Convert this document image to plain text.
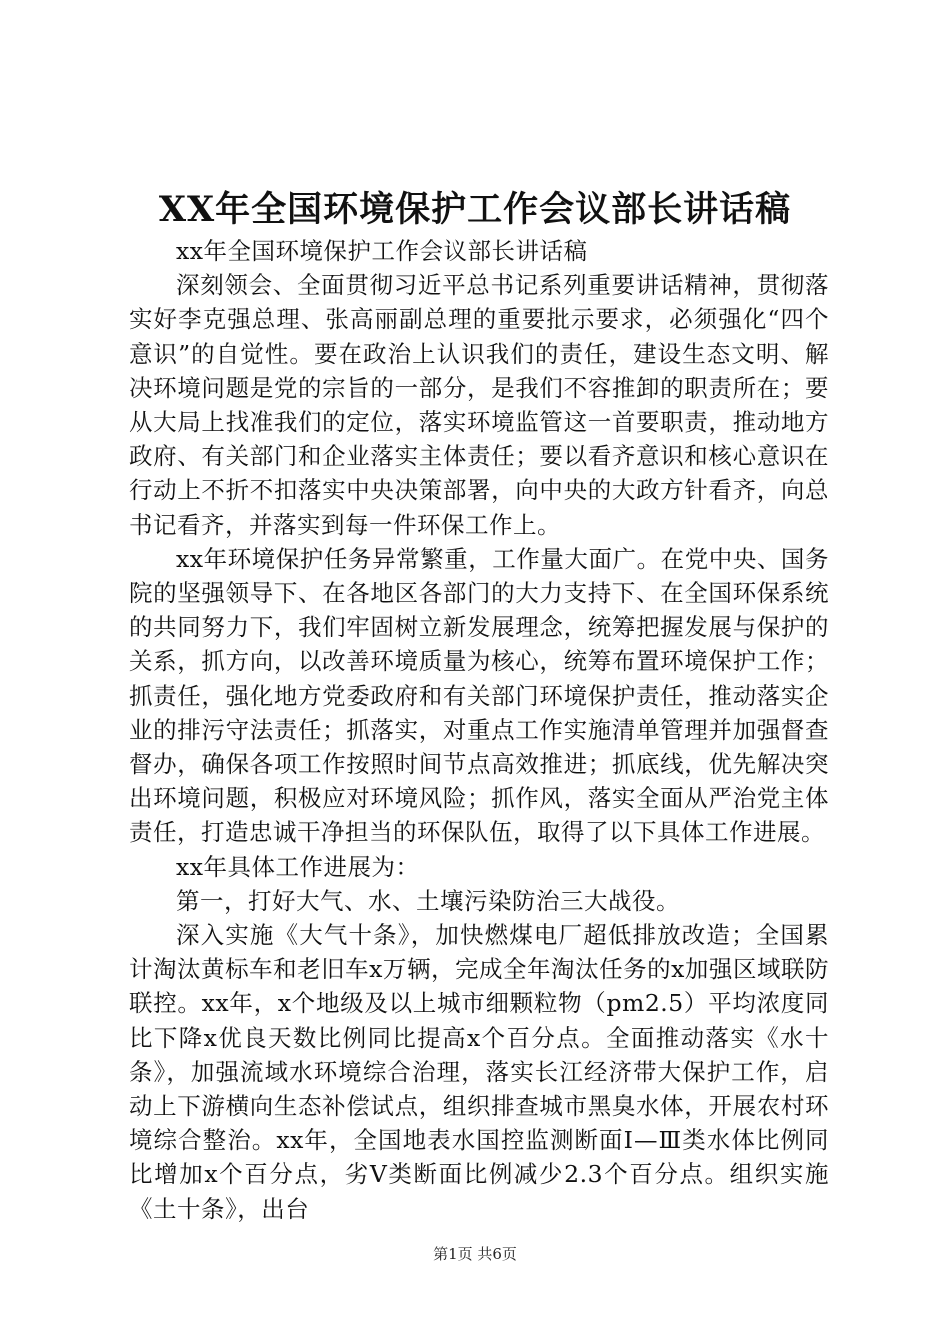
XX年全国环境保护工作会议部长讲话稿

xx年全国环境保护工作会议部长讲话稿

深刻领会、全面贯彻习近平总书记系列重要讲话精神，贯彻落实好李克强总理、张高丽副总理的重要批示要求，必须强化“四个意识”的自觉性。要在政治上认识我们的责任，建设生态文明、解决环境问题是党的宗旨的一部分，是我们不容推卸的职责所在；要从大局上找准我们的定位，落实环境监管这一首要职责，推动地方政府、有关部门和企业落实主体责任；要以看齐意识和核心意识在行动上不折不扣落实中央决策部署，向中央的大政方针看齐，向总书记看齐，并落实到每一件环保工作上。

xx年环境保护任务异常繁重，工作量大面广。在党中央、国务院的坚强领导下、在各地区各部门的大力支持下、在全国环保系统的共同努力下，我们牢固树立新发展理念，统筹把握发展与保护的关系，抓方向，以改善环境质量为核心，统筹布置环境保护工作；抓责任，强化地方党委政府和有关部门环境保护责任，推动落实企业的排污守法责任；抓落实，对重点工作实施清单管理并加强督查督办，确保各项工作按照时间节点高效推进；抓底线，优先解决突出环境问题，积极应对环境风险；抓作风，落实全面从严治党主体责任，打造忠诚干净担当的环保队伍，取得了以下具体工作进展。

xx年具体工作进展为：

第一，打好大气、水、土壤污染防治三大战役。

深入实施《大气十条》，加快燃煤电厂超低排放改造；全国累计淘汰黄标车和老旧车x万辆，完成全年淘汰任务的x加强区域联防联控。xx年，x个地级及以上城市细颗粒物（pm2.5）平均浓度同比下降x优良天数比例同比提高x个百分点。全面推动落实《水十条》，加强流域水环境综合治理，落实长江经济带大保护工作，启动上下游横向生态补偿试点，组织排查城市黑臭水体，开展农村环境综合整治。xx年，全国地表水国控监测断面Ⅰ—Ⅲ类水体比例同比增加x个百分点，劣Ⅴ类断面比例减少2.3个百分点。组织实施《土十条》，出台

第1页 共6页
